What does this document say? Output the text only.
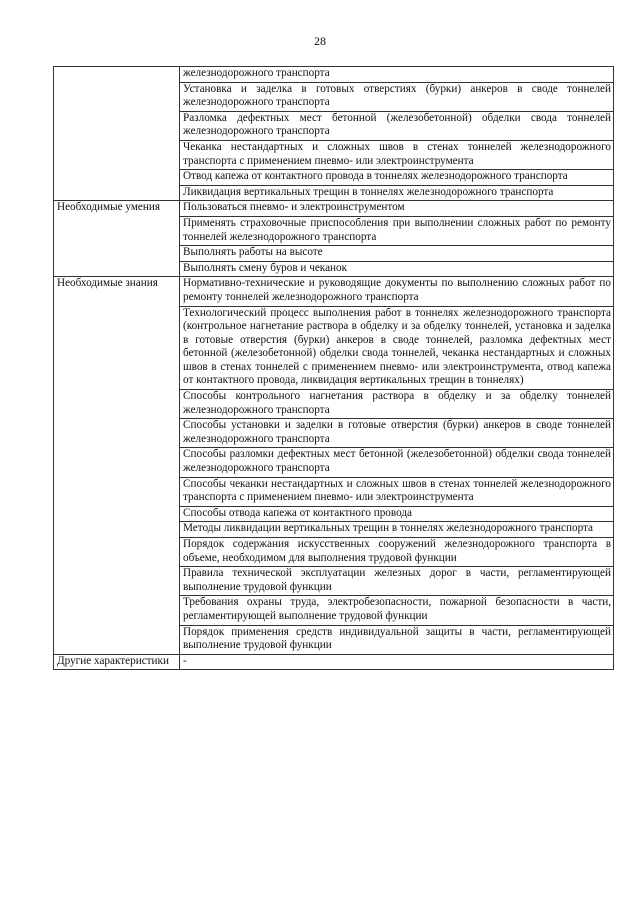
28
	железнодорожного транспорта
	Установка и заделка в готовых отверстиях (бурки) анкеров в своде тоннелей железнодорожного транспорта
	Разломка дефектных мест бетонной (железобетонной) обделки свода тоннелей железнодорожного транспорта
	Чеканка нестандартных и сложных швов в стенах тоннелей железнодорожного транспорта с применением пневмо- или электроинструмента
	Отвод капежа от контактного провода в тоннелях железнодорожного транспорта
	Ликвидация вертикальных трещин в тоннелях железнодорожного транспорта
Необходимые умения	Пользоваться пневмо- и электроинструментом
	Применять страховочные приспособления при выполнении сложных работ по ремонту тоннелей железнодорожного транспорта
	Выполнять работы на высоте
	Выполнять смену буров и чеканок
Необходимые знания	Нормативно-технические и руководящие документы по выполнению сложных работ по ремонту тоннелей железнодорожного транспорта
	Технологический процесс выполнения работ в тоннелях железнодорожного транспорта (контрольное нагнетание раствора в обделку и за обделку тоннелей, установка и заделка в готовые отверстия (бурки) анкеров в своде тоннелей, разломка дефектных мест бетонной (железобетонной) обделки свода тоннелей, чеканка нестандартных и сложных швов в стенах тоннелей с применением пневмо- или электроинструмента, отвод капежа от контактного провода, ликвидация вертикальных трещин в тоннелях)
	Способы контрольного нагнетания раствора в обделку и за обделку тоннелей железнодорожного транспорта
	Способы установки и заделки в готовые отверстия (бурки) анкеров в своде тоннелей железнодорожного транспорта
	Способы разломки дефектных мест бетонной (железобетонной) обделки свода тоннелей железнодорожного транспорта
	Способы чеканки нестандартных и сложных швов в стенах тоннелей железнодорожного транспорта с применением пневмо- или электроинструмента
	Способы отвода капежа от контактного провода
	Методы ликвидации вертикальных трещин в тоннелях железнодорожного транспорта
	Порядок содержания искусственных сооружений железнодорожного транспорта в объеме, необходимом для выполнения трудовой функции
	Правила технической эксплуатации железных дорог в части, регламентирующей выполнение трудовой функции
	Требования охраны труда, электробезопасности, пожарной безопасности в части, регламентирующей выполнение трудовой функции
	Порядок применения средств индивидуальной защиты в части, регламентирующей выполнение трудовой функции
Другие характеристики	-
